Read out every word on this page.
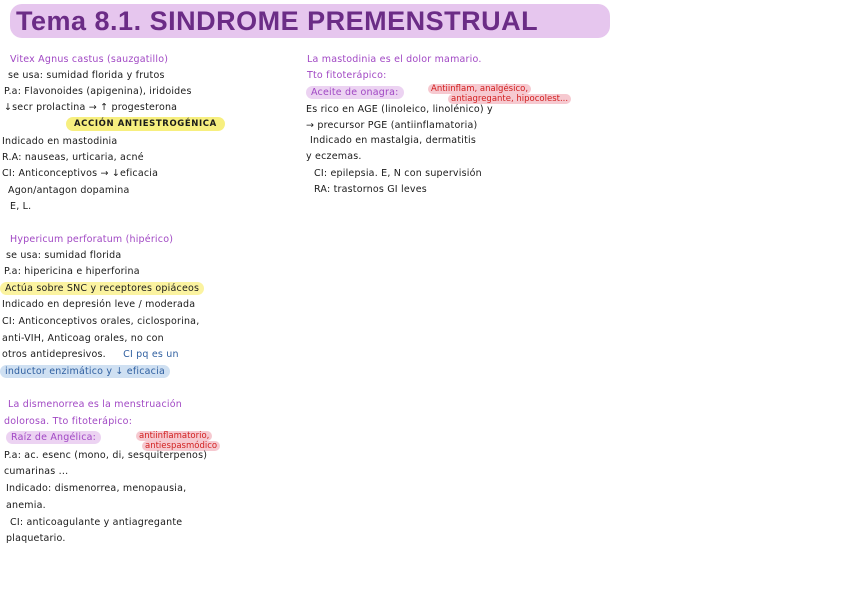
Tema 8.1. SINDROME PREMENSTRUAL
Vitex Agnus castus (sauzgatillo)
se usa: sumidad florida y frutos
P.a: Flavonoides (apigenina), iridoides
↓secr prolactina → ↑ progesterona
ACCIÓN ANTIESTROGÉNICA
Indicado en mastodinia
R.A: nauseas, urticaria, acné
CI: Anticonceptivos → ↓eficacia
Agon/antagon dopamina
E, L.
Hypericum perforatum (hipérico)
se usa: sumidad florida
P.a: hipericina e hiperforina
Actúa sobre SNC y receptores opiáceos
Indicado en depresión leve / moderada
CI: Anticonceptivos orales, ciclosporina,
anti-VIH, Anticoag orales, no con
otros antidepresivos. CI pq es un
inductor enzimático y ↓ eficacia
La dismenorrea es la menstruación
dolorosa. Tto fitoterápico:
Raíz de Angélica:	antiinflamatorio,
antiespasmódico
P.a: ac. esenc (mono, di, sesquiterpenos)
cumarinas ...
Indicado: dismenorrea, menopausia,
anemia.
CI: anticoagulante y antiagregante
plaquetario.
La mastodinia es el dolor mamario.
Tto fitoterápico:
Aceite de onagra:	Antiinflam, analgésico,
antiagregante, hipocolest...
Es rico en AGE (linoleico, linolénico) y
→ precursor PGE (antiinflamatoria)
Indicado en mastalgia, dermatitis
y eczemas.
CI: epilepsia. E, N con supervisión
RA: trastornos GI leves
